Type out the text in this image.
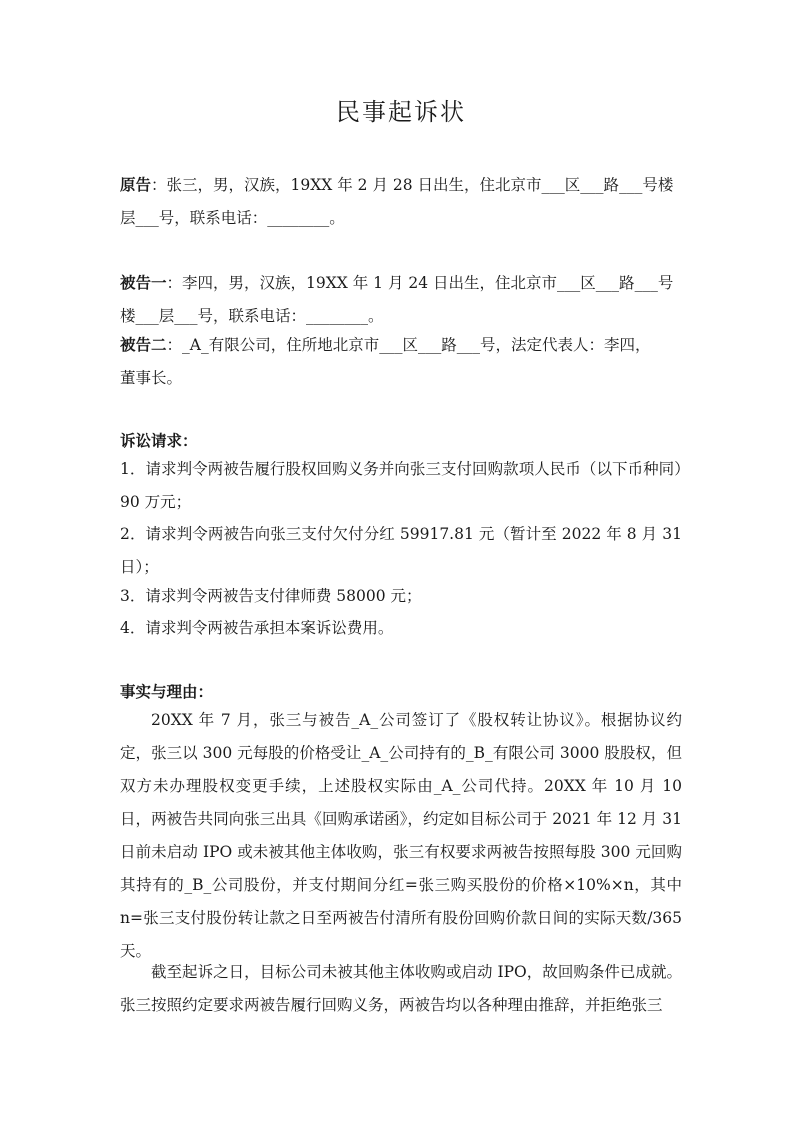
民事起诉状

原告：张三，男，汉族，19XX 年 2 月 28 日出生，住北京市___区___路___号楼
层___号，联系电话：________。

被告一：李四，男，汉族，19XX 年 1 月 24 日出生，住北京市___区___路___号
楼___层___号，联系电话：________。

被告二：_A_有限公司，住所地北京市___区___路___号，法定代表人：李四，
董事长。

诉讼请求：

1．请求判令两被告履行股权回购义务并向张三支付回购款项人民币（以下币种同）90 万元；

2．请求判令两被告向张三支付欠付分红 59917.81 元（暂计至 2022 年 8 月 31 日）；

3．请求判令两被告支付律师费 58000 元；

4．请求判令两被告承担本案诉讼费用。

事实与理由：

20XX 年 7 月，张三与被告_A_公司签订了《股权转让协议》。根据协议约定，张三以 300 元每股的价格受让_A_公司持有的_B_有限公司 3000 股股权，但双方未办理股权变更手续，上述股权实际由_A_公司代持。20XX 年 10 月 10 日，两被告共同向张三出具《回购承诺函》，约定如目标公司于 2021 年 12 月 31 日前未启动 IPO 或未被其他主体收购，张三有权要求两被告按照每股 300 元回购其持有的_B_公司股份，并支付期间分红=张三购买股份的价格×10%×n，其中 n=张三支付股份转让款之日至两被告付清所有股份回购价款日间的实际天数/365 天。

截至起诉之日，目标公司未被其他主体收购或启动 IPO，故回购条件已成就。张三按照约定要求两被告履行回购义务，两被告均以各种理由推辞，并拒绝张三
